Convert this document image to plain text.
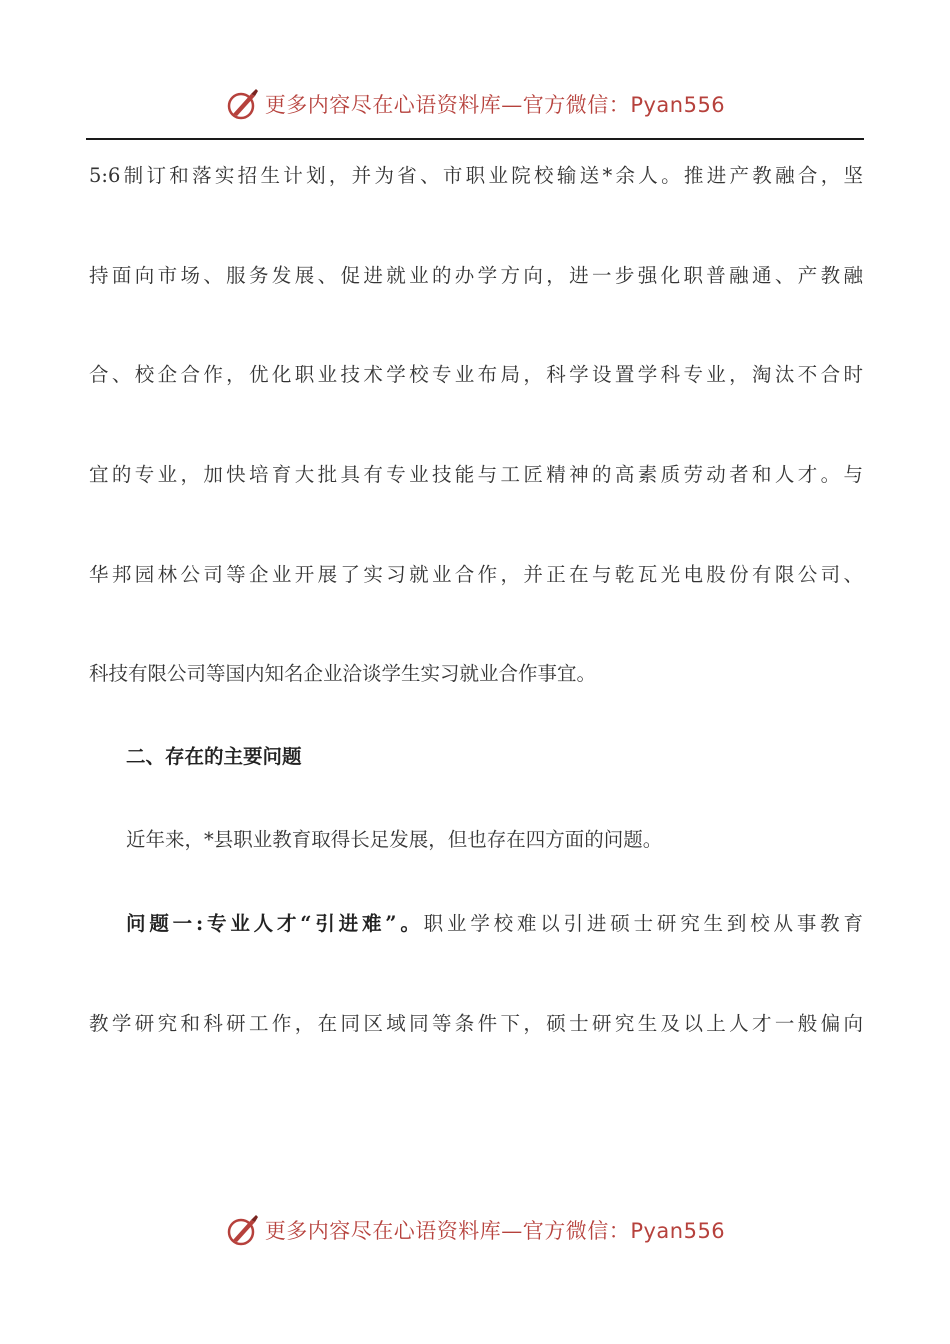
更多内容尽在心语资料库—官方微信：Pyan556
5:6制订和落实招生计划，并为省、市职业院校输送*余人。推进产教融合，坚
持面向市场、服务发展、促进就业的办学方向，进一步强化职普融通、产教融
合、校企合作，优化职业技术学校专业布局，科学设置学科专业，淘汰不合时
宜的专业，加快培育大批具有专业技能与工匠精神的高素质劳动者和人才。与
华邦园林公司等企业开展了实习就业合作，并正在与乾瓦光电股份有限公司、
科技有限公司等国内知名企业洽谈学生实习就业合作事宜。
二、存在的主要问题
近年来，*县职业教育取得长足发展，但也存在四方面的问题。
问题一:专业人才“引进难”。职业学校难以引进硕士研究生到校从事教育
教学研究和科研工作，在同区域同等条件下，硕士研究生及以上人才一般偏向
更多内容尽在心语资料库—官方微信：Pyan556
